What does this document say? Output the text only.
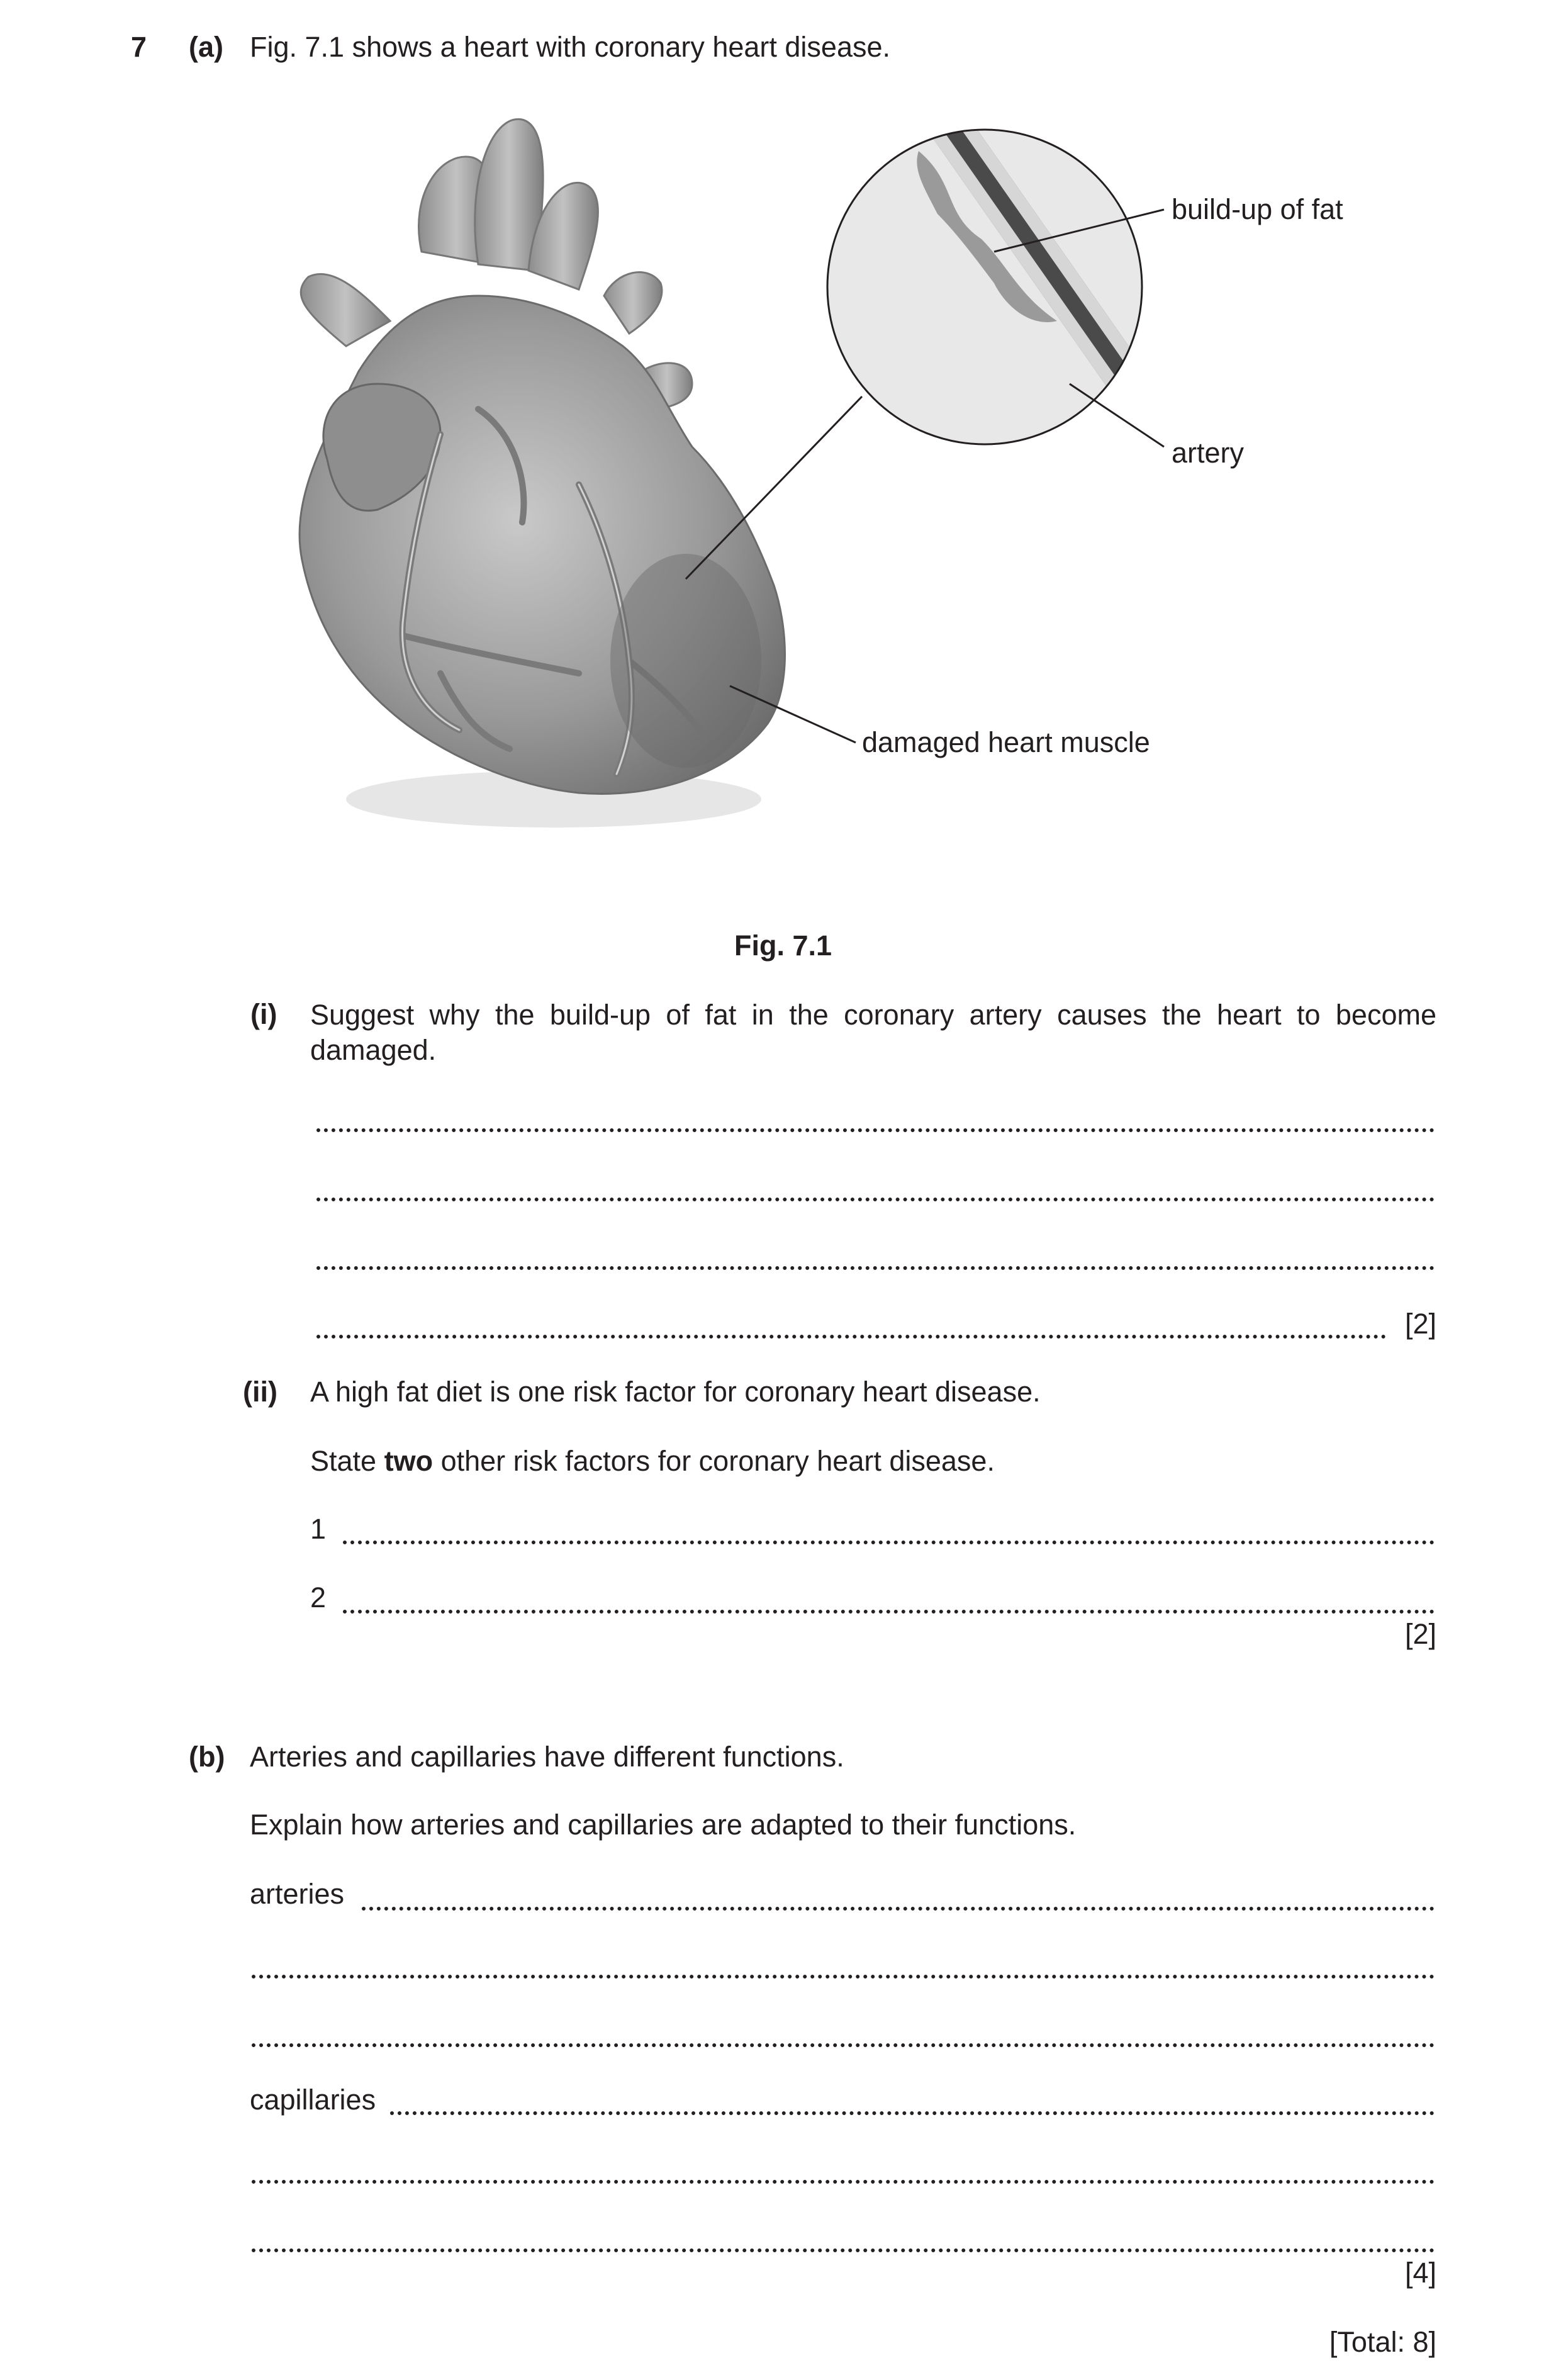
7 (a) Fig. 7.1 shows a heart with coronary heart disease.
build-up of fat
artery
damaged heart muscle
Fig. 7.1
(i) Suggest why the build-up of fat in the coronary artery causes the heart to become damaged.
[2]
(ii) A high fat diet is one risk factor for coronary heart disease.
State two other risk factors for coronary heart disease.
1
2
[2]
(b) Arteries and capillaries have different functions.
Explain how arteries and capillaries are adapted to their functions.
arteries
capillaries
[4]
[Total: 8]
